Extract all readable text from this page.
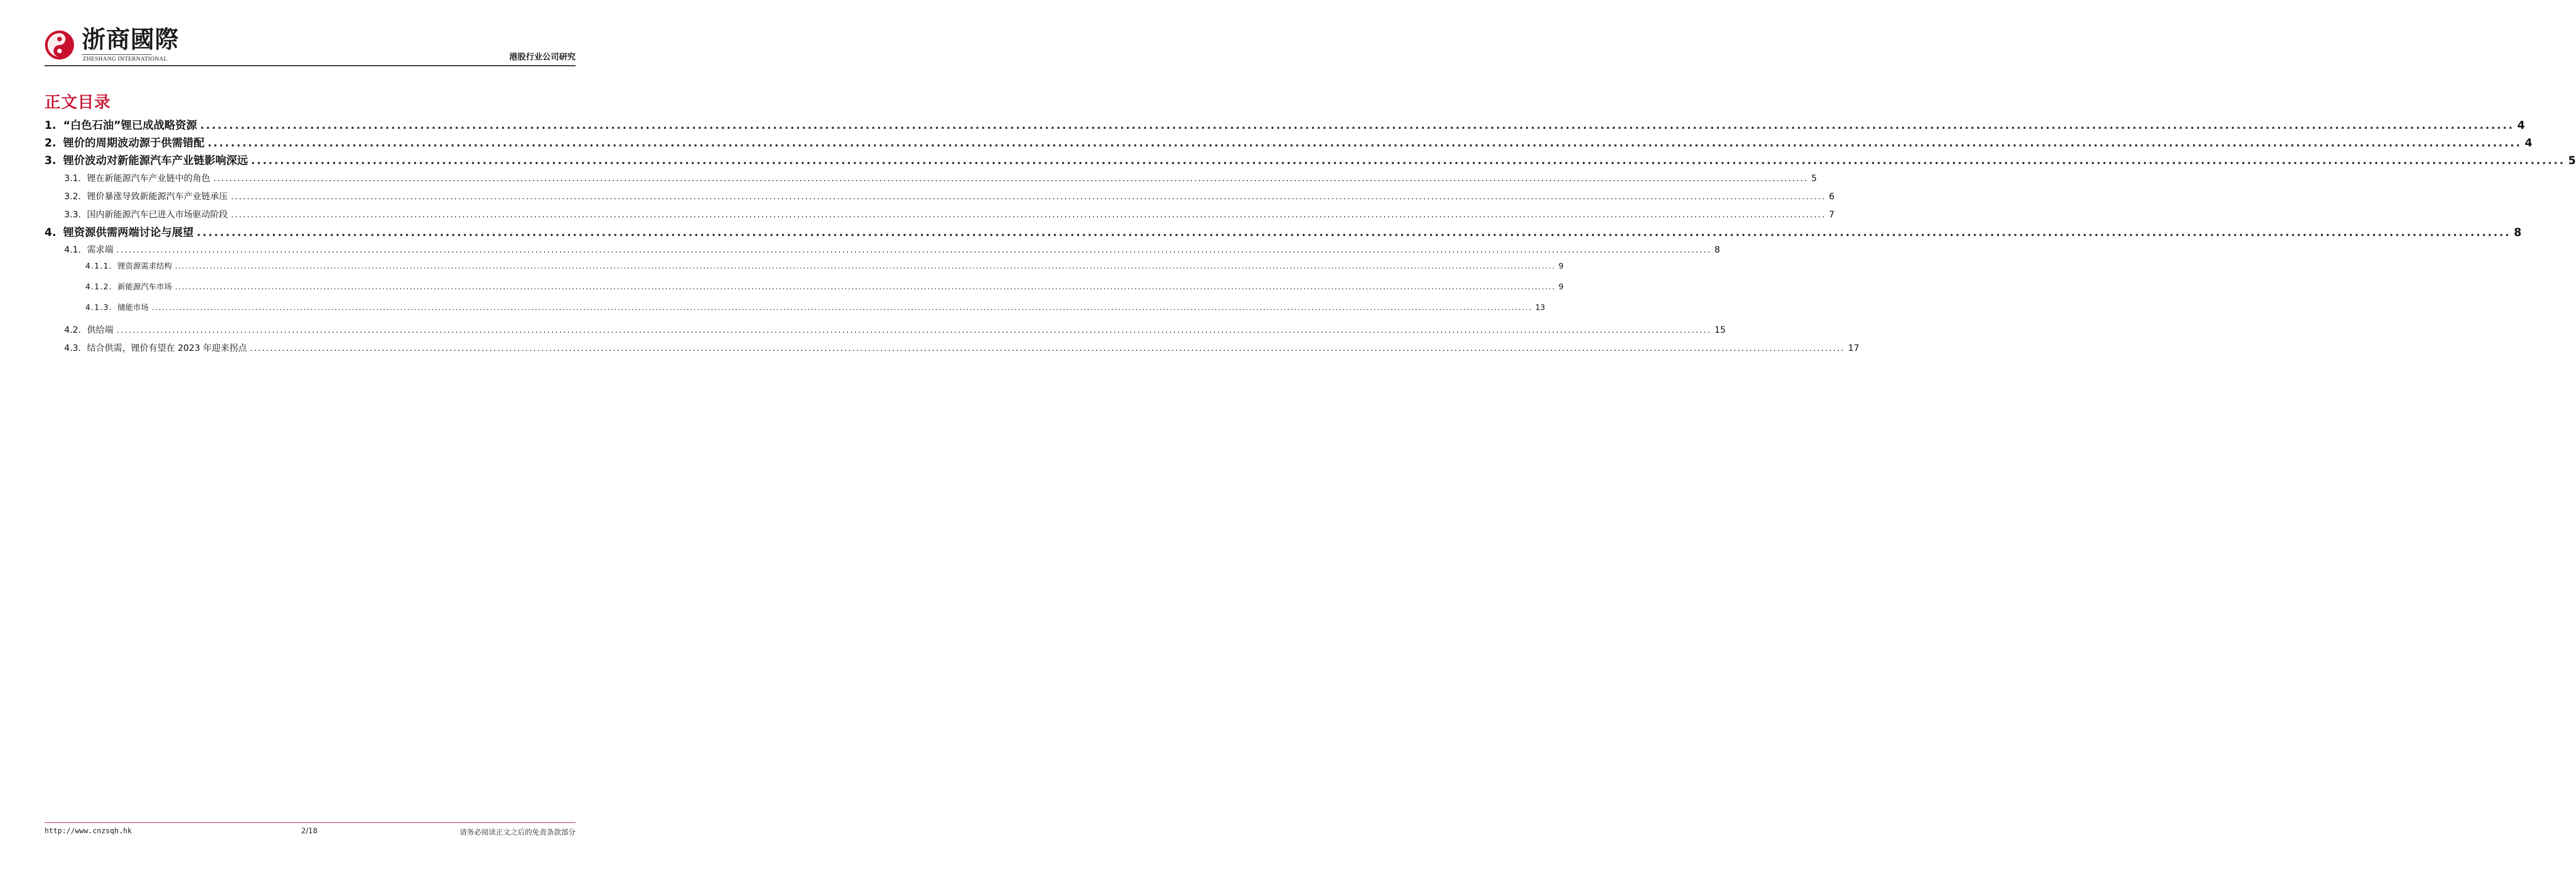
浙商國際
ZHESHANG INTERNATIONAL	港股行业公司研究
正文目录
1. “白色石油”锂已成战略资源 ................................................................................................................................................................................................................................................................................................................................................................................................................ 4
2. 锂价的周期波动源于供需错配 ................................................................................................................................................................................................................................................................................................................................................................................................................ 4
3. 锂价波动对新能源汽车产业链影响深远 ................................................................................................................................................................................................................................................................................................................................................................................................................ 5
3.1. 锂在新能源汽车产业链中的角色 ................................................................................................................................................................................................................................................................................................................................................................................................................ 5
3.2. 锂价暴涨导致新能源汽车产业链承压 ................................................................................................................................................................................................................................................................................................................................................................................................................ 6
3.3. 国内新能源汽车已进入市场驱动阶段 ................................................................................................................................................................................................................................................................................................................................................................................................................ 7
4. 锂资源供需两端讨论与展望 ................................................................................................................................................................................................................................................................................................................................................................................................................ 8
4.1. 需求端 ................................................................................................................................................................................................................................................................................................................................................................................................................ 8
4.1.1. 锂资源需求结构 ................................................................................................................................................................................................................................................................................................................................................................................................................ 9
4.1.2. 新能源汽车市场 ................................................................................................................................................................................................................................................................................................................................................................................................................ 9
4.1.3. 储能市场 ................................................................................................................................................................................................................................................................................................................................................................................................................ 13
4.2. 供给端 ................................................................................................................................................................................................................................................................................................................................................................................................................ 15
4.3. 结合供需，锂价有望在 2023 年迎来拐点 ................................................................................................................................................................................................................................................................................................................................................................................................................ 17
http://www.cnzsqh.hk	2/18	请务必阅读正文之后的免责条款部分
